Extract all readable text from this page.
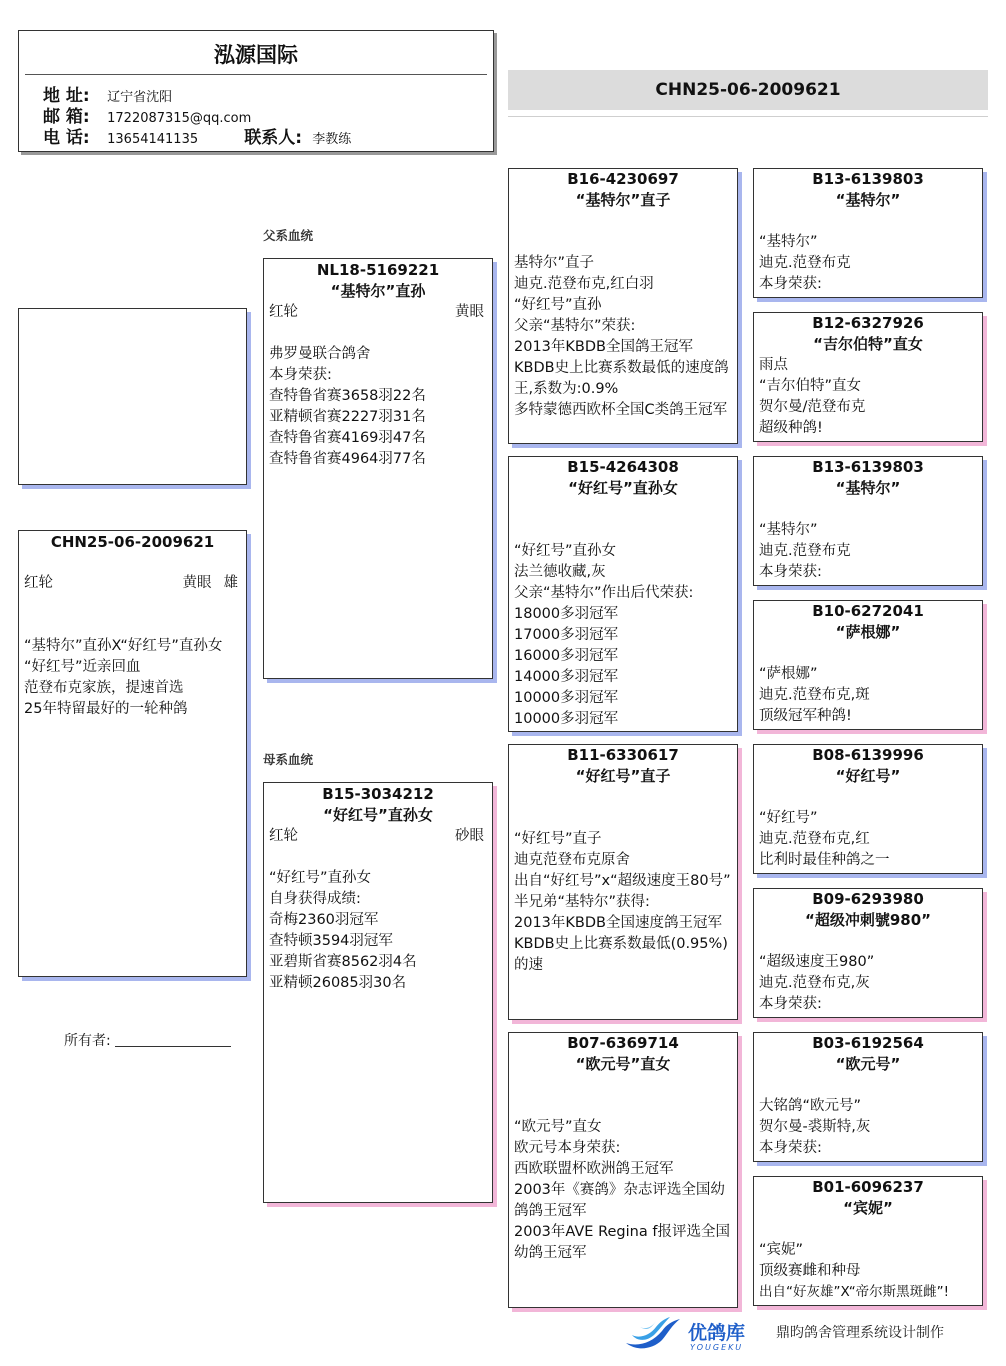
泓源国际
地 址: 辽宁省沈阳
邮 箱: 1722087315@qq.com
电 话: 13654141135	联系人: 李教练
CHN25-06-2009621
CHN25-06-2009621
红轮	黄眼 雄
“基特尔”直孙X“好红号”直孙女
“好红号”近亲回血
范登布克家族，提速首选
25年特留最好的一轮种鸽
所有者:
父系血统
母系血统
NL18-5169221
“基特尔”直孙
红轮	黄眼
弗罗曼联合鸽舍
本身荣获:
查特鲁省赛3658羽22名
亚精顿省赛2227羽31名
查特鲁省赛4169羽47名
查特鲁省赛4964羽77名
B15-3034212
“好红号”直孙女
红轮	砂眼
“好红号”直孙女
自身获得成绩:
奇梅2360羽冠军
查特顿3594羽冠军
亚碧斯省赛8562羽4名
亚精顿26085羽30名
B16-4230697
“基特尔”直子
基特尔”直子
迪克.范登布克,红白羽
“好红号”直孙
父亲“基特尔”荣获:
2013年KBDB全国鸽王冠军
KBDB史上比赛系数最低的速度鸽王,系数为:0.9%
多特蒙德西欧杯全国C类鸽王冠军
B15-4264308
“好红号”直孙女
“好红号”直孙女
法兰德收藏,灰
父亲“基特尔”作出后代荣获:
18000多羽冠军
17000多羽冠军
16000多羽冠军
14000多羽冠军
10000多羽冠军
10000多羽冠军
B11-6330617
“好红号”直子
“好红号”直子
迪克范登布克原舍
出自“好红号”x“超级速度王80号”
半兄弟“基特尔”获得:
2013年KBDB全国速度鸽王冠军
KBDB史上比赛系数最低(0.95%)的速
B07-6369714
“欧元号”直女
“欧元号”直女
欧元号本身荣获:
西欧联盟杯欧洲鸽王冠军
2003年《赛鸽》杂志评选全国幼鸽鸽王冠军
2003年AVE Regina f报评选全国幼鸽王冠军
B13-6139803
“基特尔”
“基特尔”
迪克.范登布克
本身荣获:
B12-6327926
“吉尔伯特”直女
雨点
“吉尔伯特”直女
贺尔曼/范登布克
超级种鸽!
B13-6139803
“基特尔”
“基特尔”
迪克.范登布克
本身荣获:
B10-6272041
“萨根娜”
“萨根娜”
迪克.范登布克,斑
顶级冠军种鸽!
B08-6139996
“好红号”
“好红号”
迪克.范登布克,红
比利时最佳种鸽之一
B09-6293980
“超级冲刺號980”
“超级速度王980”
迪克.范登布克,灰
本身荣获:
B03-6192564
“欧元号”
大铭鸽“欧元号”
贺尔曼-裘斯特,灰
本身荣获:
B01-6096237
“宾妮”
“宾妮”
顶级赛雌和种母
出自“好灰雄”X“帝尔斯黑斑雌”!
优鸽库
YOUGEKU
鼎昀鸽舍管理系统设计制作
